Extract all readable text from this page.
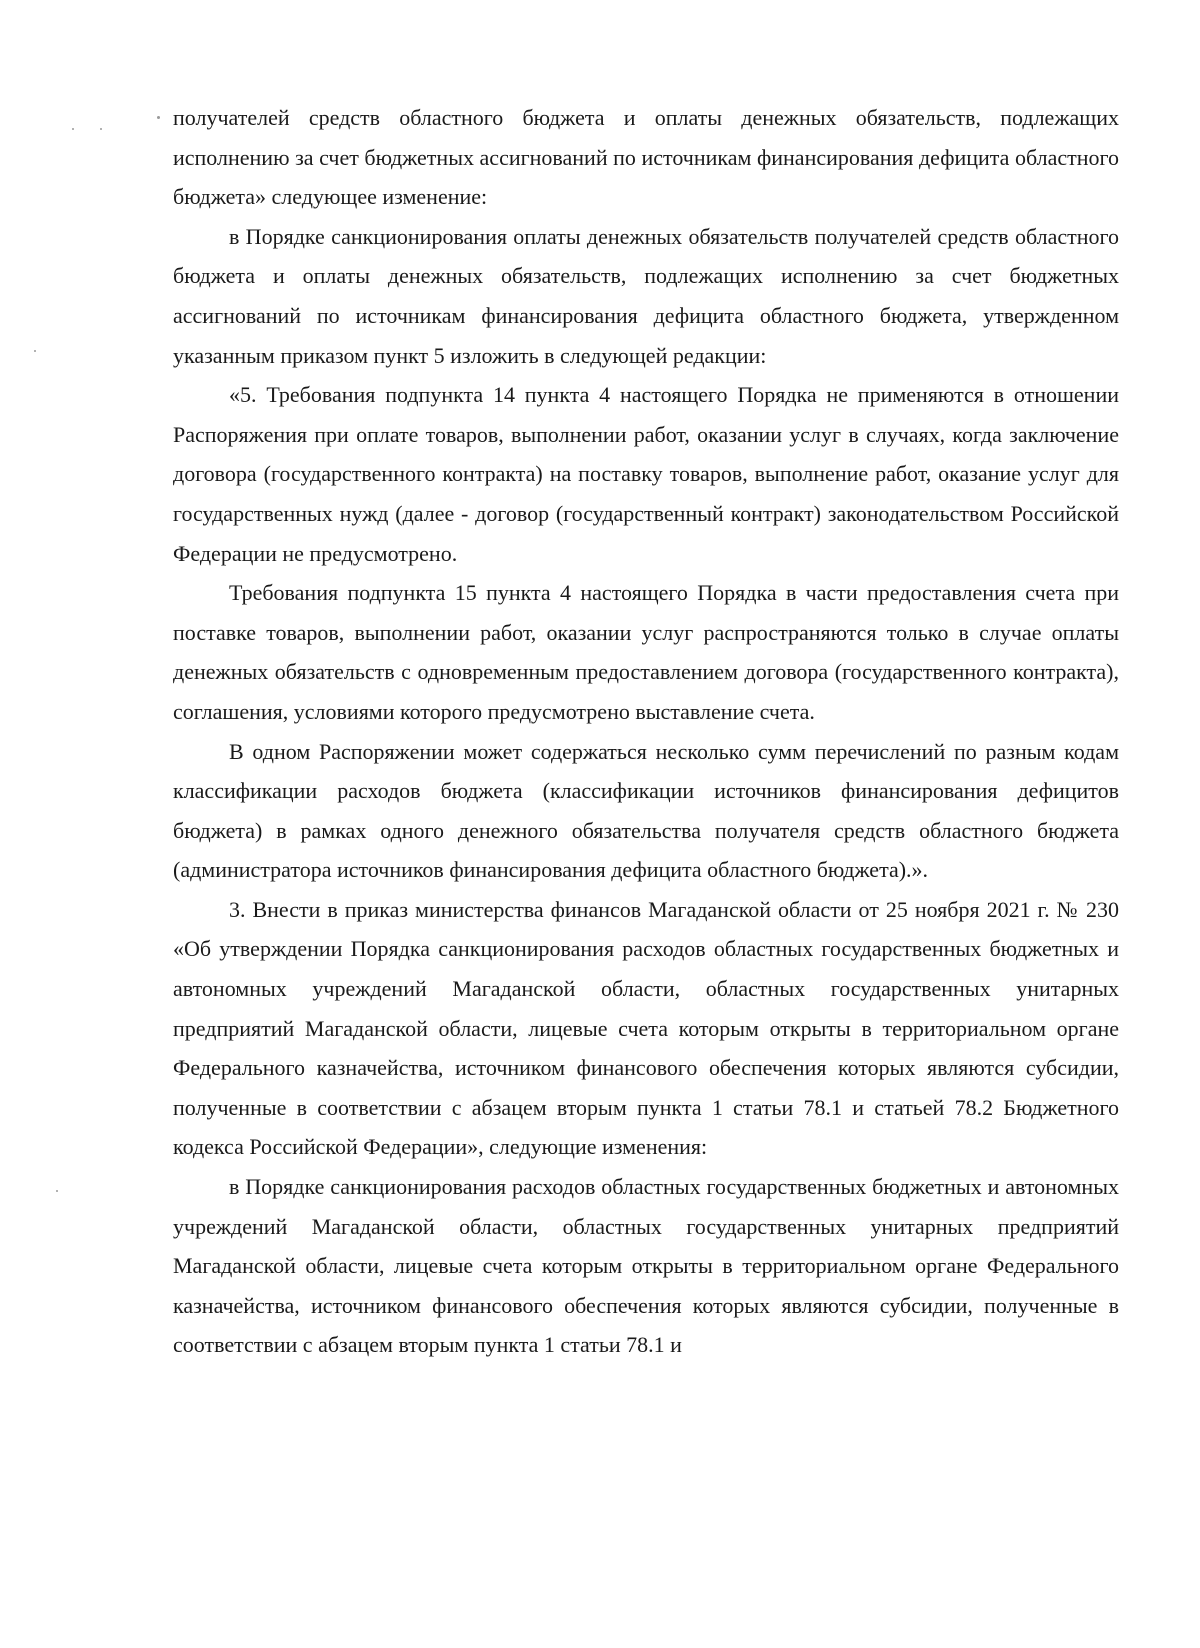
получателей средств областного бюджета и оплаты денежных обязательств, подлежащих исполнению за счет бюджетных ассигнований по источникам финансирования дефицита областного бюджета» следующее изменение:

в Порядке санкционирования оплаты денежных обязательств получателей средств областного бюджета и оплаты денежных обязательств, подлежащих исполнению за счет бюджетных ассигнований по источникам финансирования дефицита областного бюджета, утвержденном указанным приказом пункт 5 изложить в следующей редакции:

«5. Требования подпункта 14 пункта 4 настоящего Порядка не применяются в отношении Распоряжения при оплате товаров, выполнении работ, оказании услуг в случаях, когда заключение договора (государственного контракта) на поставку товаров, выполнение работ, оказание услуг для государственных нужд (далее - договор (государственный контракт) законодательством Российской Федерации не предусмотрено.

Требования подпункта 15 пункта 4 настоящего Порядка в части предоставления счета при поставке товаров, выполнении работ, оказании услуг распространяются только в случае оплаты денежных обязательств с одновременным предоставлением договора (государственного контракта), соглашения, условиями которого предусмотрено выставление счета.

В одном Распоряжении может содержаться несколько сумм перечислений по разным кодам классификации расходов бюджета (классификации источников финансирования дефицитов бюджета) в рамках одного денежного обязательства получателя средств областного бюджета (администратора источников финансирования дефицита областного бюджета).».

3. Внести в приказ министерства финансов Магаданской области от 25 ноября 2021 г. № 230 «Об утверждении Порядка санкционирования расходов областных государственных бюджетных и автономных учреждений Магаданской области, областных государственных унитарных предприятий Магаданской области, лицевые счета которым открыты в территориальном органе Федерального казначейства, источником финансового обеспечения которых являются субсидии, полученные в соответствии с абзацем вторым пункта 1 статьи 78.1 и статьей 78.2 Бюджетного кодекса Российской Федерации», следующие изменения:

в Порядке санкционирования расходов областных государственных бюджетных и автономных учреждений Магаданской области, областных государственных унитарных предприятий Магаданской области, лицевые счета которым открыты в территориальном органе Федерального казначейства, источником финансового обеспечения которых являются субсидии, полученные в соответствии с абзацем вторым пункта 1 статьи 78.1 и
